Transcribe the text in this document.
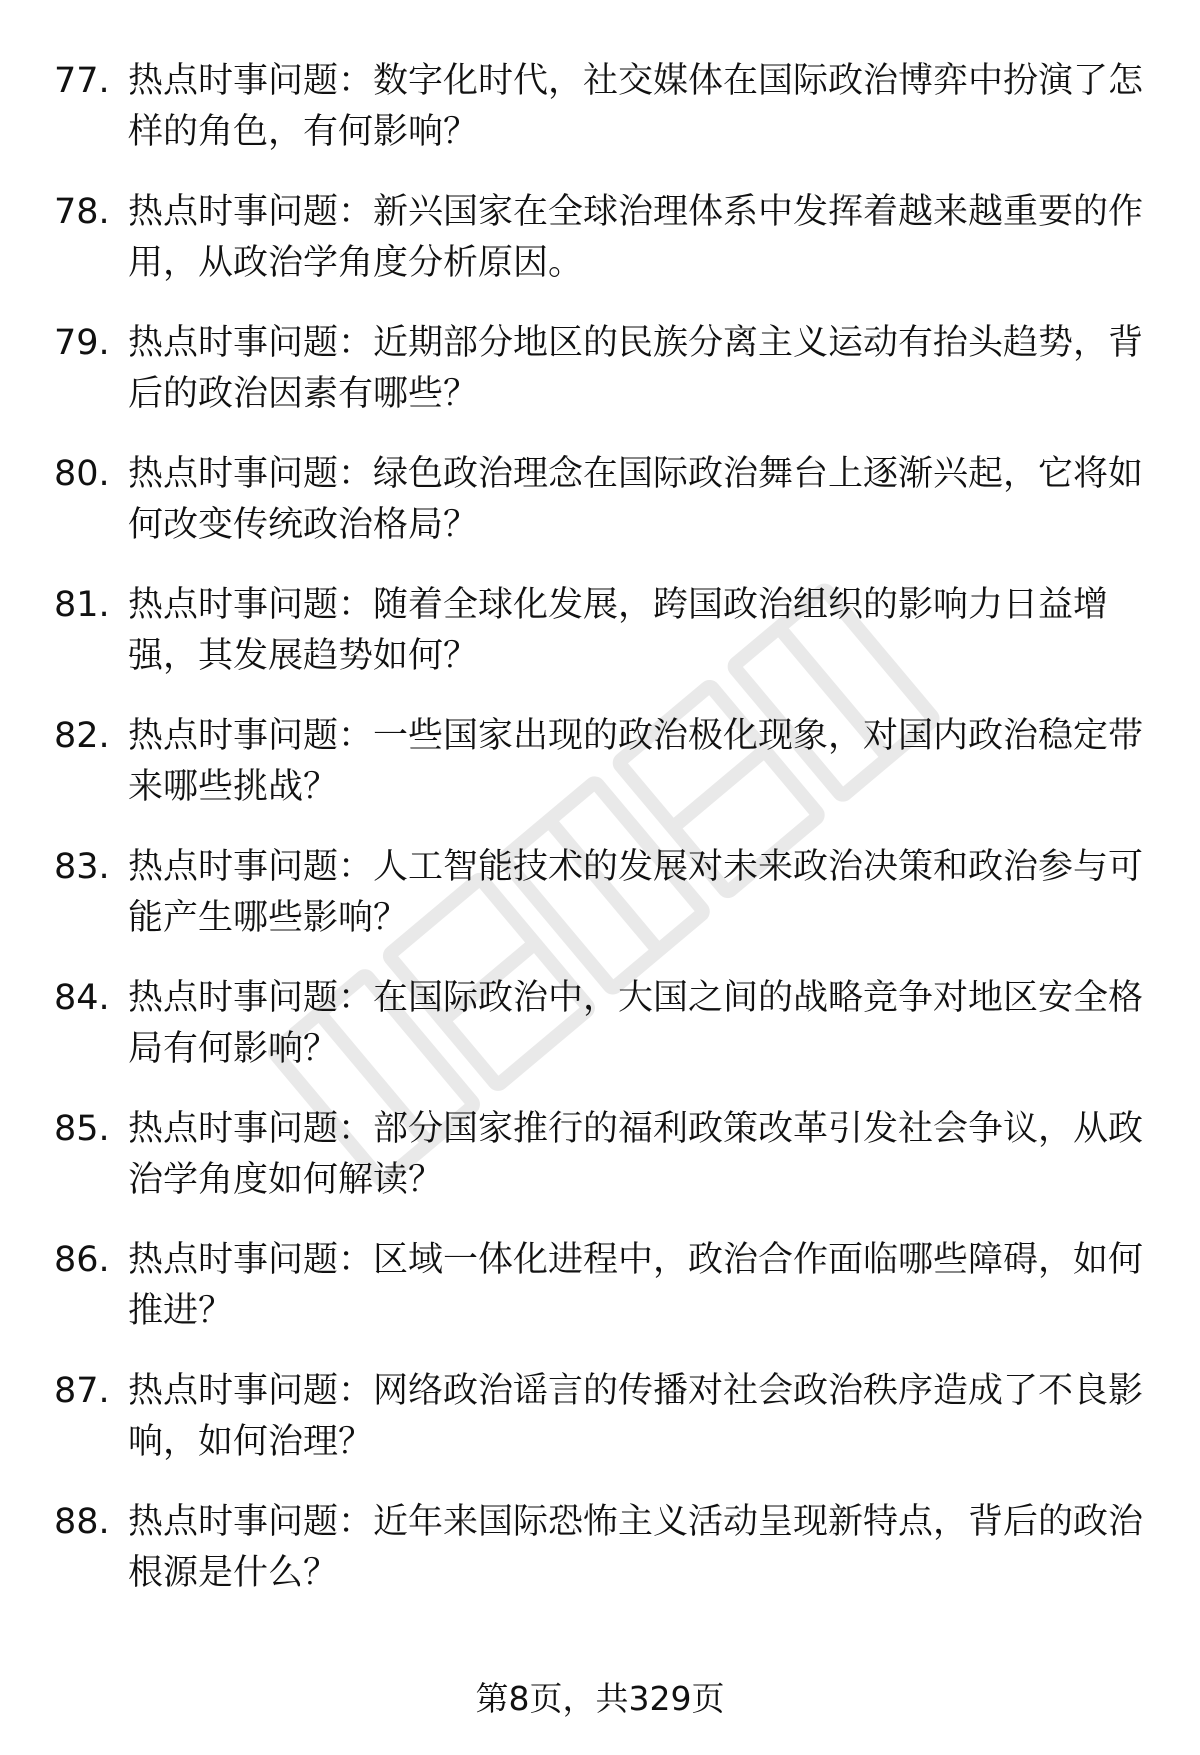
77. 热点时事问题：数字化时代，社交媒体在国际政治博弈中扮演了怎样的角色，有何影响？
78. 热点时事问题：新兴国家在全球治理体系中发挥着越来越重要的作用，从政治学角度分析原因。
79. 热点时事问题：近期部分地区的民族分离主义运动有抬头趋势，背后的政治因素有哪些？
80. 热点时事问题：绿色政治理念在国际政治舞台上逐渐兴起，它将如何改变传统政治格局？
81. 热点时事问题：随着全球化发展，跨国政治组织的影响力日益增强，其发展趋势如何？
82. 热点时事问题：一些国家出现的政治极化现象，对国内政治稳定带来哪些挑战？
83. 热点时事问题：人工智能技术的发展对未来政治决策和政治参与可能产生哪些影响？
84. 热点时事问题：在国际政治中，大国之间的战略竞争对地区安全格局有何影响？
85. 热点时事问题：部分国家推行的福利政策改革引发社会争议，从政治学角度如何解读？
86. 热点时事问题：区域一体化进程中，政治合作面临哪些障碍，如何推进？
87. 热点时事问题：网络政治谣言的传播对社会政治秩序造成了不良影响，如何治理？
88. 热点时事问题：近年来国际恐怖主义活动呈现新特点，背后的政治根源是什么？
第8页，共329页
